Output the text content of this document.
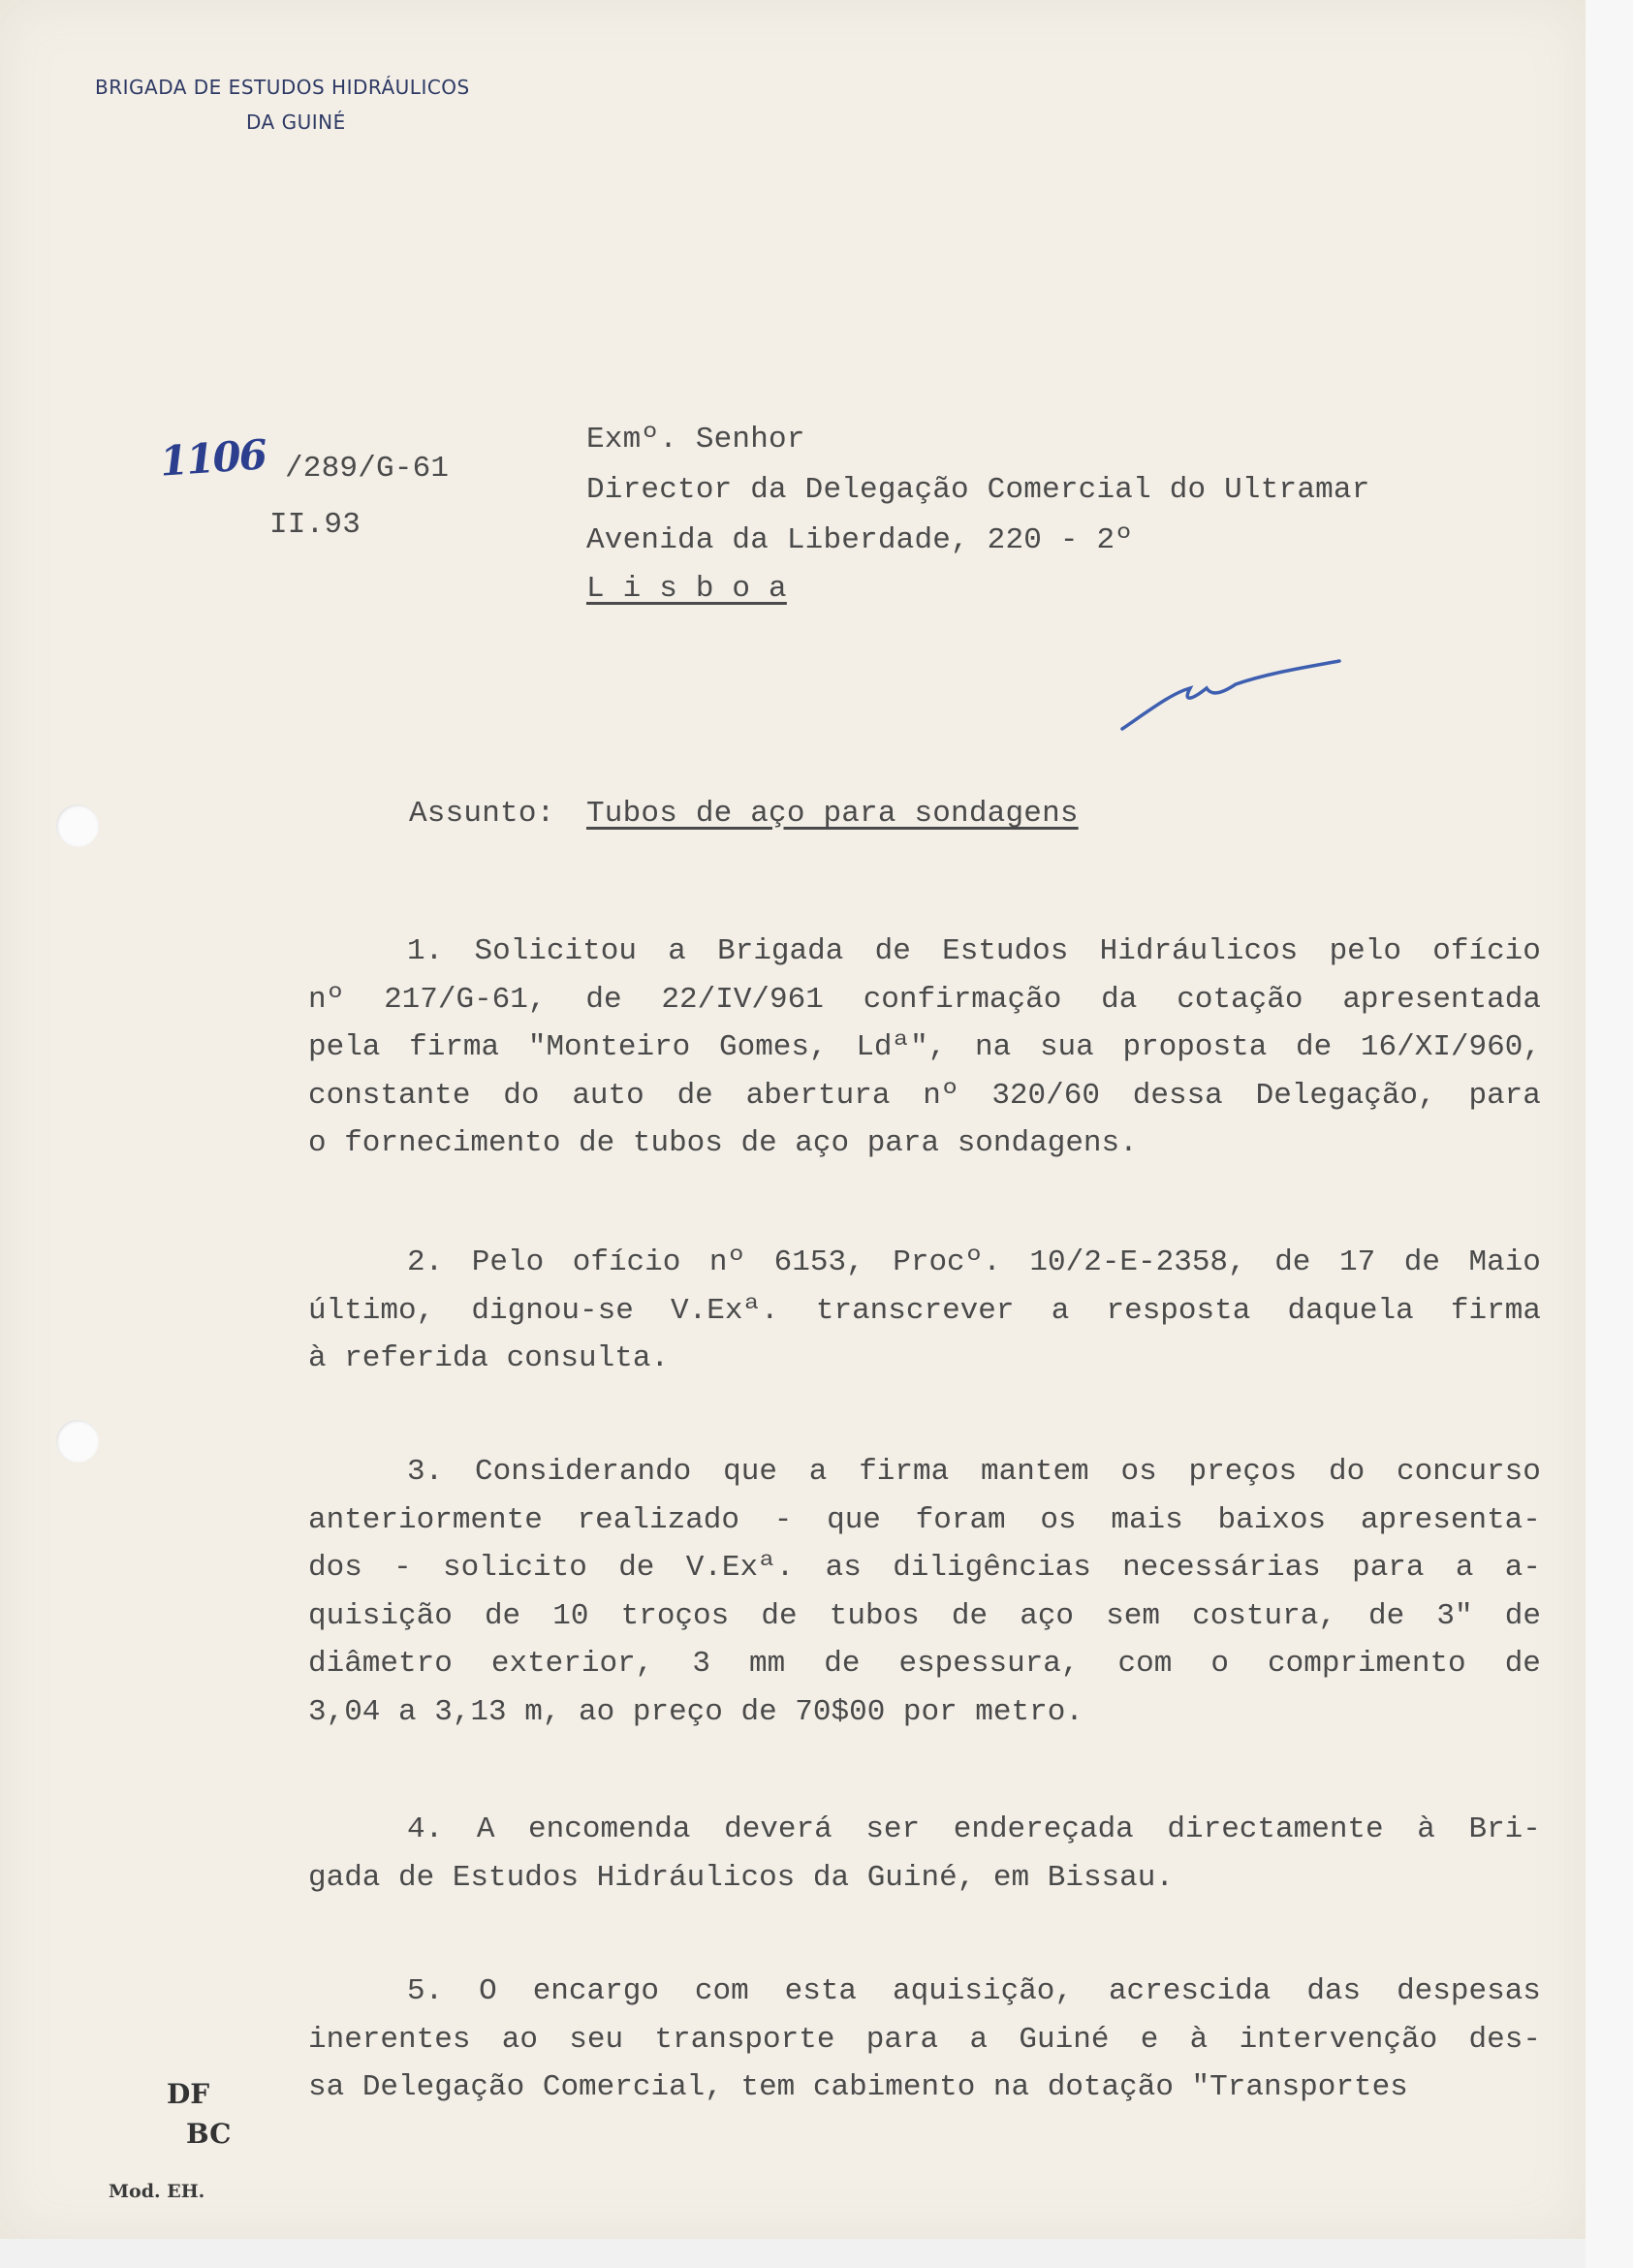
BRIGADA DE ESTUDOS HIDRÁULICOS
DA GUINÉ
1106 /289/G-61
II.93
Exmº. Senhor
Director da Delegação Comercial do Ultramar
Avenida da Liberdade, 220 - 2º
L i s b o a
Assunto: Tubos de aço para sondagens
1. Solicitou a Brigada de Estudos Hidráulicos pelo ofício
nº 217/G-61, de 22/IV/961 confirmação da cotação apresentada
pela firma "Monteiro Gomes, Ldª", na sua proposta de 16/XI/960,
constante do auto de abertura nº 320/60 dessa Delegação, para
o fornecimento de tubos de aço para sondagens.
2. Pelo ofício nº 6153, Procº. 10/2-E-2358, de 17 de Maio
último, dignou-se V.Exª. transcrever a resposta daquela firma
à referida consulta.
3. Considerando que a firma mantem os preços do concurso
anteriormente realizado - que foram os mais baixos apresenta-
dos - solicito de V.Exª. as diligências necessárias para a a-
quisição de 10 troços de tubos de aço sem costura, de 3" de
diâmetro exterior, 3 mm de espessura, com o comprimento de
3,04 a 3,13 m, ao preço de 70$00 por metro.
4. A encomenda deverá ser endereçada directamente à Bri-
gada de Estudos Hidráulicos da Guiné, em Bissau.
5. O encargo com esta aquisição, acrescida das despesas
inerentes ao seu transporte para a Guiné e à intervenção des-
sa Delegação Comercial, tem cabimento na dotação "Transportes
DF
BC
Mod. EH.
